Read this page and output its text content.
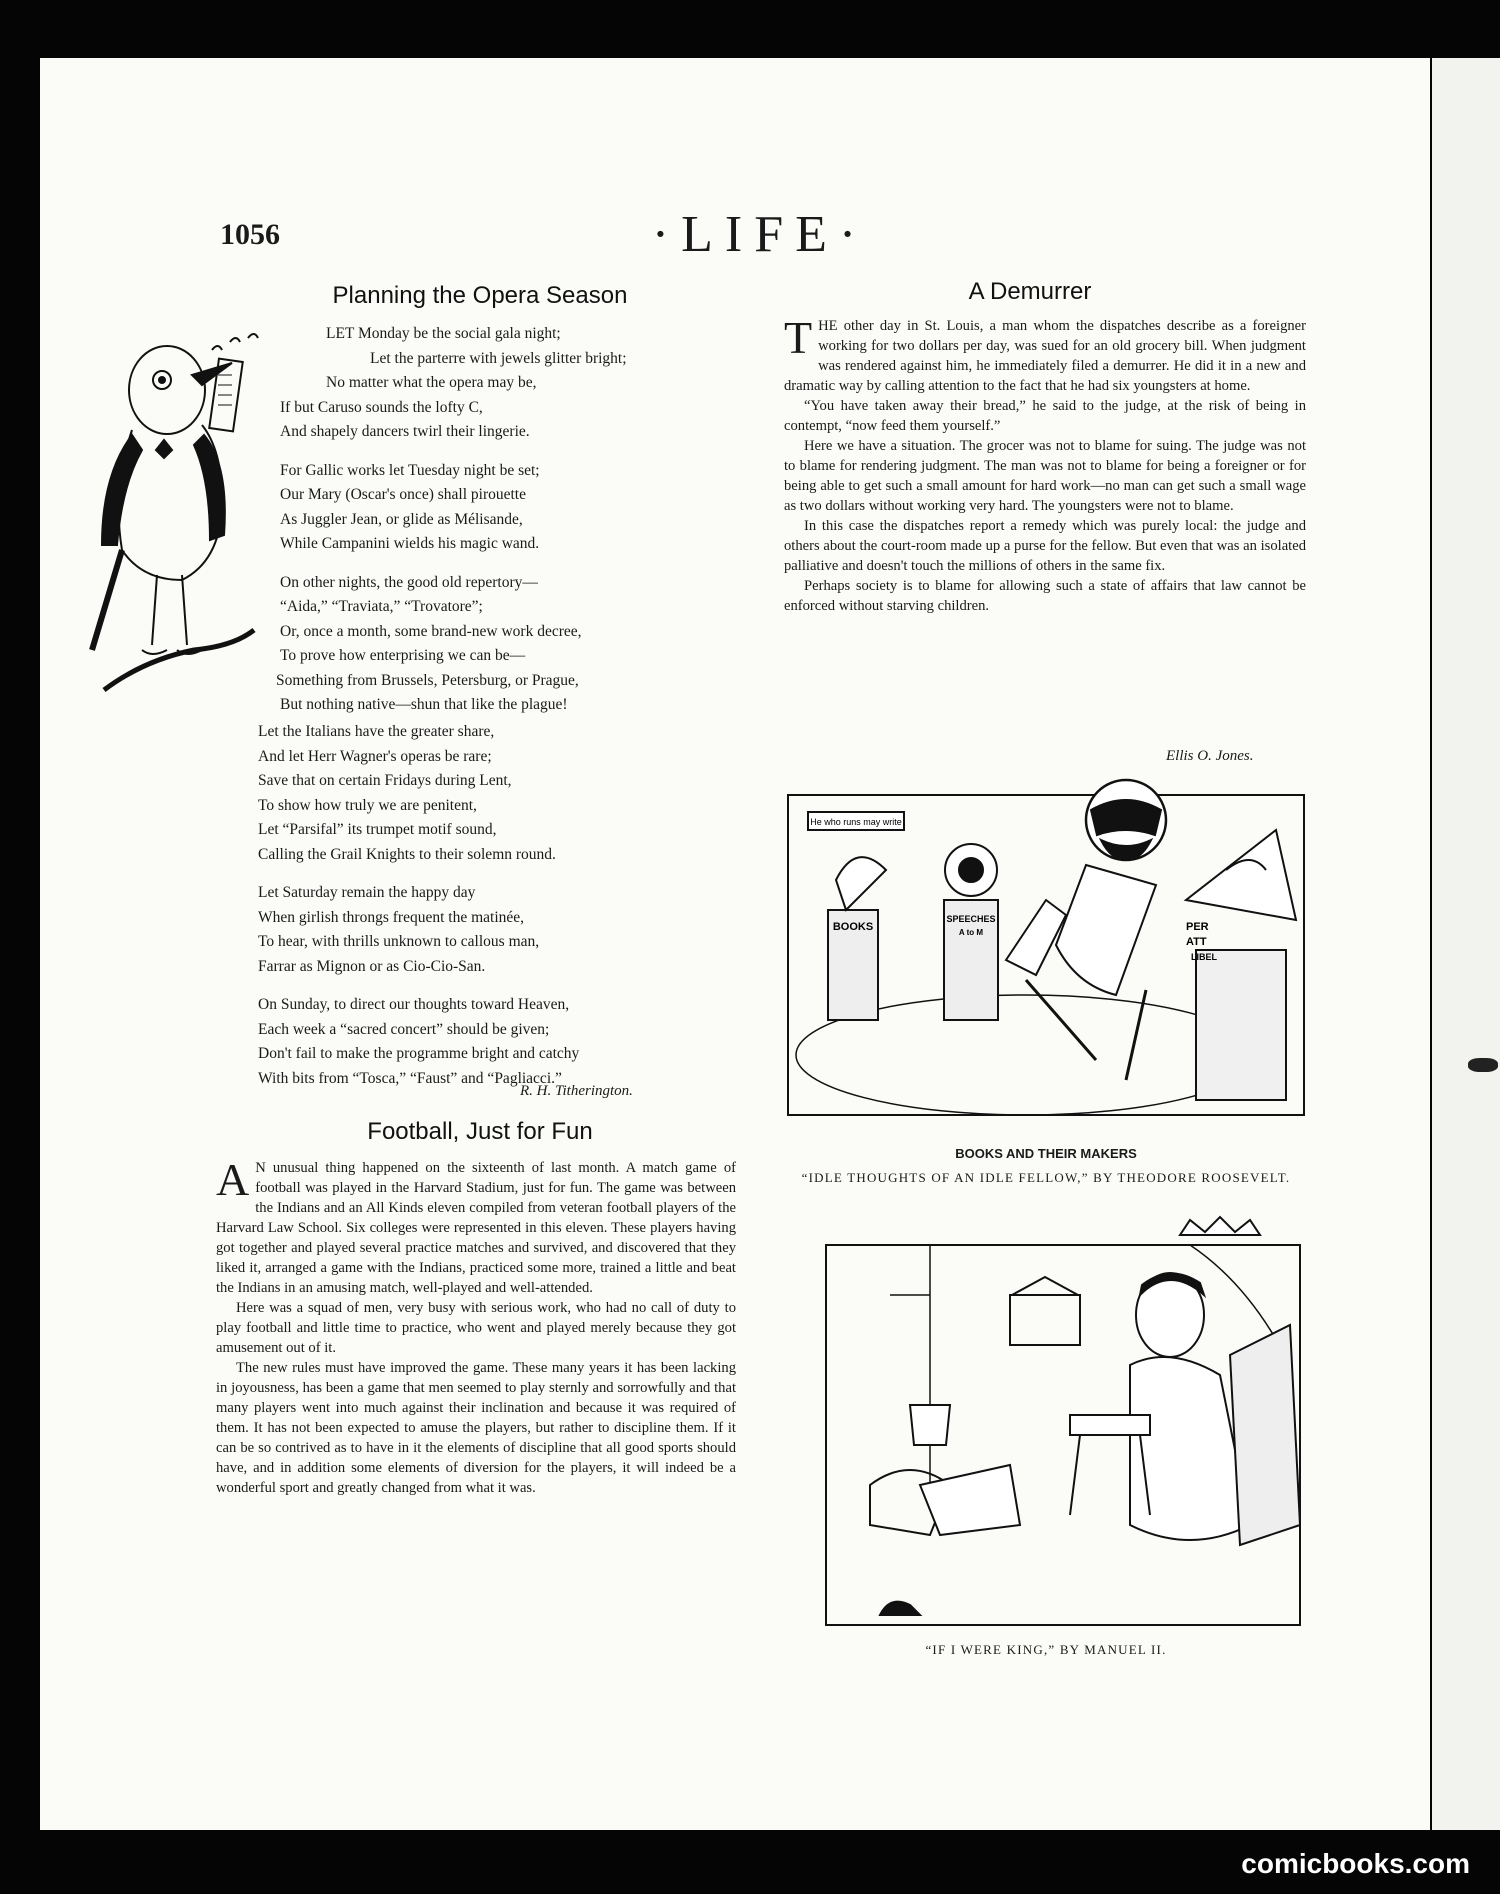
1056	·LIFE·
Planning the Opera Season
LET Monday be the social gala night;
Let the parterre with jewels glitter bright;
No matter what the opera may be,
If but Caruso sounds the lofty C,
And shapely dancers twirl their lingerie.
For Gallic works let Tuesday night be set;
Our Mary (Oscar's once) shall pirouette
As Juggler Jean, or glide as Mélisande,
While Campanini wields his magic wand.
On other nights, the good old repertory—
“Aida,” “Traviata,” “Trovatore”;
Or, once a month, some brand-new work decree,
To prove how enterprising we can be—
Something from Brussels, Petersburg, or Prague,
But nothing native—shun that like the plague!
Let the Italians have the greater share,
And let Herr Wagner's operas be rare;
Save that on certain Fridays during Lent,
To show how truly we are penitent,
Let “Parsifal” its trumpet motif sound,
Calling the Grail Knights to their solemn round.
Let Saturday remain the happy day
When girlish throngs frequent the matinée,
To hear, with thrills unknown to callous man,
Farrar as Mignon or as Cio-Cio-San.
On Sunday, to direct our thoughts toward Heaven,
Each week a “sacred concert” should be given;
Don't fail to make the programme bright and catchy
With bits from “Tosca,” “Faust” and “Pagliacci.”
R. H. Titherington.
Football, Just for Fun

A N unusual thing happened on the sixteenth of last month. A match game of football was played in the Harvard Stadium, just for fun. The game was between the Indians and an All Kinds eleven compiled from veteran football players of the Harvard Law School. Six colleges were represented in this eleven. These players having got together and played several practice matches and survived, and discovered that they liked it, arranged a game with the Indians, practiced some more, trained a little and beat the Indians in an amusing match, well-played and well-attended.

Here was a squad of men, very busy with serious work, who had no call of duty to play football and little time to practice, who went and played merely because they got amusement out of it.

The new rules must have improved the game. These many years it has been lacking in joyousness, has been a game that men seemed to play sternly and sorrowfully and that many players went into much against their inclination and because it was required of them. It has not been expected to amuse the players, but rather to discipline them. If it can be so contrived as to have in it the elements of discipline that all good sports should have, and in addition some elements of diversion for the players, it will indeed be a wonderful sport and greatly changed from what it was.

A Demurrer

THE other day in St. Louis, a man whom the dispatches describe as a foreigner working for two dollars per day, was sued for an old grocery bill. When judgment was rendered against him, he immediately filed a demurrer. He did it in a new and dramatic way by calling attention to the fact that he had six youngsters at home.

“You have taken away their bread,” he said to the judge, at the risk of being in contempt, “now feed them yourself.”

Here we have a situation. The grocer was not to blame for suing. The judge was not to blame for rendering judgment. The man was not to blame for being a foreigner or for being able to get such a small amount for hard work—no man can get such a small wage as two dollars without working very hard. The youngsters were not to blame.

In this case the dispatches report a remedy which was purely local: the judge and others about the court-room made up a purse for the fellow. But even that was an isolated palliative and doesn't touch the millions of others in the same fix.

Perhaps society is to blame for allowing such a state of affairs that law cannot be enforced without starving children.

Ellis O. Jones.
He who runs may write
BOOKS
SPEECHES
A to M	PER
ATT
LIBEL
BOOKS AND THEIR MAKERS
“IDLE THOUGHTS OF AN IDLE FELLOW,” BY THEODORE ROOSEVELT.
“IF I WERE KING,” BY MANUEL II.
comicbooks.com
